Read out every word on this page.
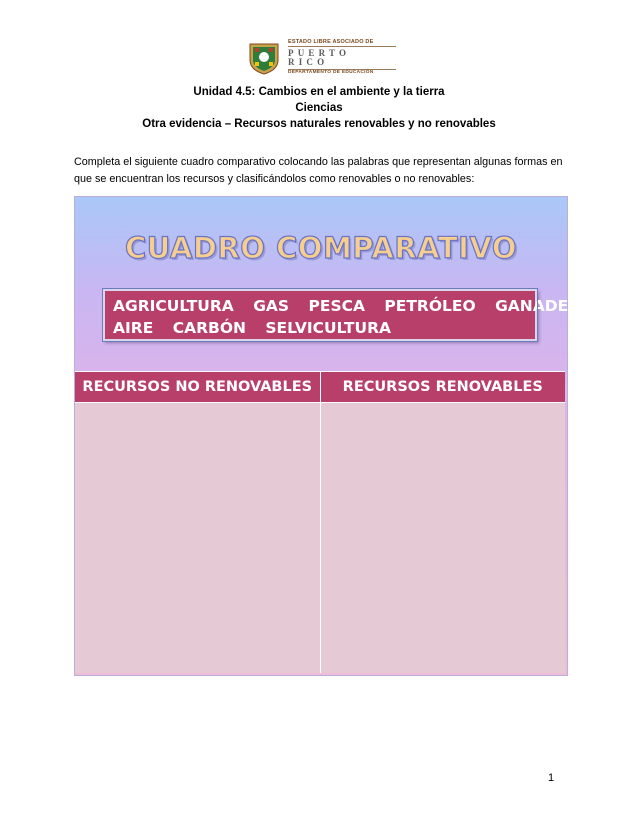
ESTADO LIBRE ASOCIADO DE
PUERTO RICO
DEPARTAMENTO DE EDUCACIÓN
Unidad 4.5: Cambios en el ambiente y la tierra
Ciencias
Otra evidencia – Recursos naturales renovables y no renovables
Completa el siguiente cuadro comparativo colocando las palabras que representan algunas formas en que se encuentran los recursos y clasificándolos como renovables o no renovables:
CUADRO COMPARATIVO
AGRICULTURA GAS PESCA PETRÓLEO GANADERIA
AIRE CARBÓN SELVICULTURA
RECURSOS NO RENOVABLES	RECURSOS RENOVABLES
1
